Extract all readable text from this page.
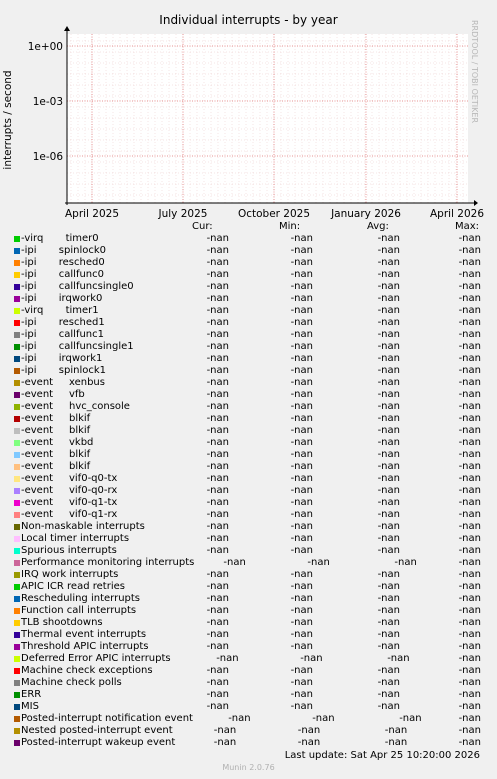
Individual interrupts - by year
interrupts / second	RRDTOOL / TOBI OETIKER
1e+00
1e-03
1e-06
April 2025	July 2025	October 2025 January 2026	April 2026
Cur:	Min:	Avg:	Max:
-virq       timer0	-nan	-nan	-nan	-nan
-ipi       spinlock0	-nan	-nan	-nan	-nan
-ipi       resched0	-nan	-nan	-nan	-nan
-ipi       callfunc0	-nan	-nan	-nan	-nan
-ipi       callfuncsingle0	-nan	-nan	-nan	-nan
-ipi       irqwork0	-nan	-nan	-nan	-nan
-virq       timer1	-nan	-nan	-nan	-nan
-ipi       resched1	-nan	-nan	-nan	-nan
-ipi       callfunc1	-nan	-nan	-nan	-nan
-ipi       callfuncsingle1	-nan	-nan	-nan	-nan
-ipi       irqwork1	-nan	-nan	-nan	-nan
-ipi       spinlock1	-nan	-nan	-nan	-nan
-event     xenbus	-nan	-nan	-nan	-nan
-event     vfb	-nan	-nan	-nan	-nan
-event     hvc_console	-nan	-nan	-nan	-nan
-event     blkif	-nan	-nan	-nan	-nan
-event     blkif	-nan	-nan	-nan	-nan
-event     vkbd	-nan	-nan	-nan	-nan
-event     blkif	-nan	-nan	-nan	-nan
-event     blkif	-nan	-nan	-nan	-nan
-event     vif0-q0-tx	-nan	-nan	-nan	-nan
-event     vif0-q0-rx	-nan	-nan	-nan	-nan
-event     vif0-q1-tx	-nan	-nan	-nan	-nan
-event     vif0-q1-rx	-nan	-nan	-nan	-nan
Non-maskable interrupts	-nan	-nan	-nan	-nan
Local timer interrupts	-nan	-nan	-nan	-nan
Spurious interrupts	-nan	-nan	-nan	-nan
Performance monitoring interrupts	-nan	-nan	-nan	-nan
IRQ work interrupts	-nan	-nan	-nan	-nan
APIC ICR read retries	-nan	-nan	-nan	-nan
Rescheduling interrupts	-nan	-nan	-nan	-nan
Function call interrupts	-nan	-nan	-nan	-nan
TLB shootdowns	-nan	-nan	-nan	-nan
Thermal event interrupts	-nan	-nan	-nan	-nan
Threshold APIC interrupts	-nan	-nan	-nan	-nan
Deferred Error APIC interrupts	-nan	-nan	-nan	-nan
Machine check exceptions	-nan	-nan	-nan	-nan
Machine check polls	-nan	-nan	-nan	-nan
ERR	-nan	-nan	-nan	-nan
MIS	-nan	-nan	-nan	-nan
Posted-interrupt notification event	-nan	-nan	-nan	-nan
Nested posted-interrupt event	-nan	-nan	-nan	-nan
Posted-interrupt wakeup event	-nan	-nan	-nan	-nan
Last update: Sat Apr 25 10:20:00 2026
Munin 2.0.76
